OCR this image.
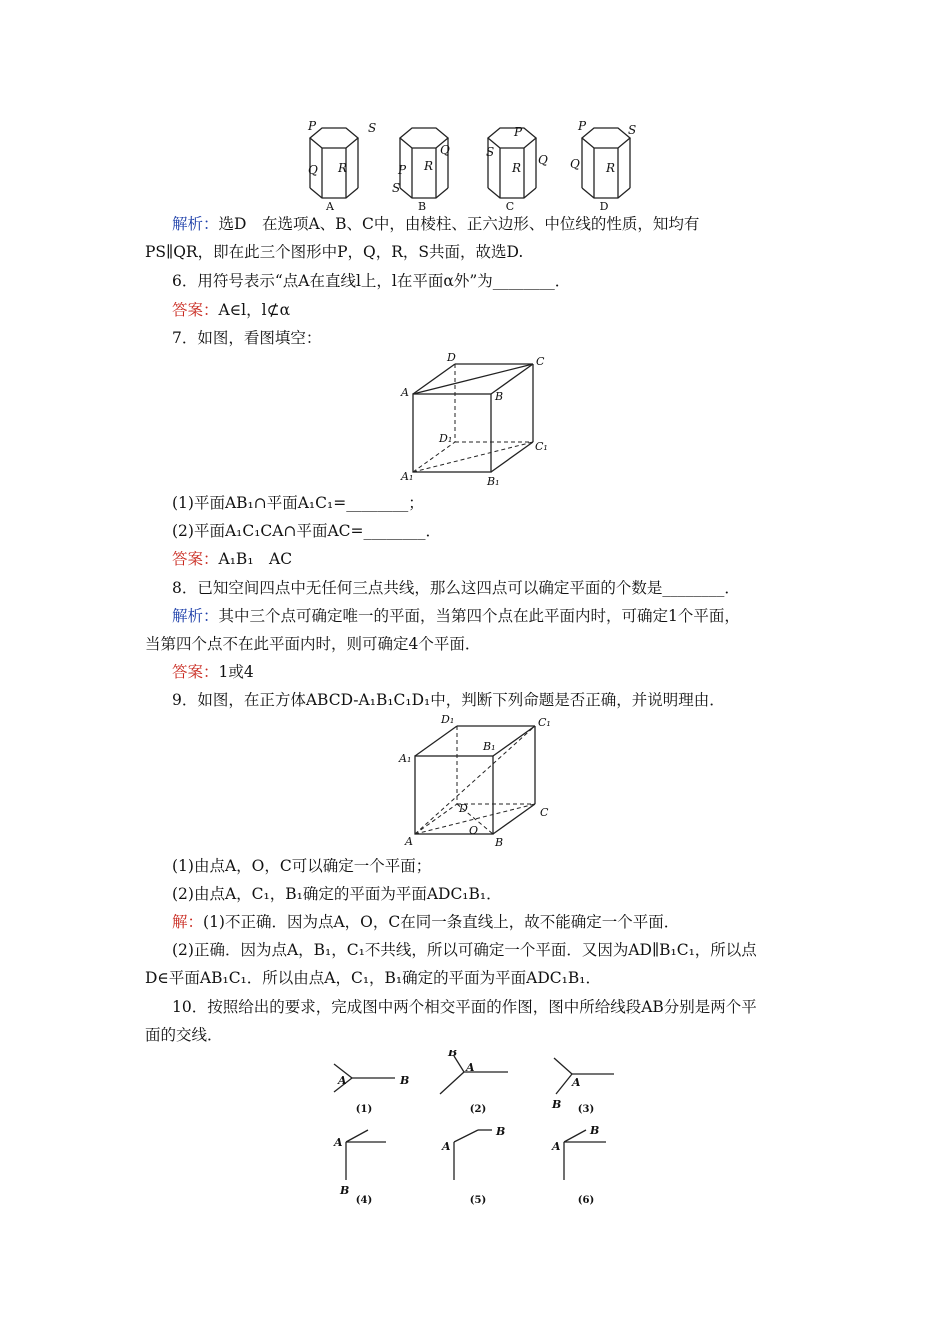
P	S
Q R
Q
R
P
S
P
S
Q
R
P	S
Q R
A	B	C	D
解析：选D　在选项A、B、C中，由棱柱、正六边形、中位线的性质，知均有
PS∥QR，即在此三个图形中P，Q，R，S共面，故选D.
6．用符号表示“点A在直线l上，l在平面α外”为________．
答案：A∈l，l⊄α
7．如图，看图填空：
D	C
A	B
D₁
C₁
A₁	B₁
(1)平面AB₁∩平面A₁C₁=________；
(2)平面A₁C₁CA∩平面AC=________．
答案：A₁B₁　AC
8．已知空间四点中无任何三点共线，那么这四点可以确定平面的个数是________．
解析：其中三个点可确定唯一的平面，当第四个点在此平面内时，可确定1个平面，
当第四个点不在此平面内时，则可确定4个平面．
答案：1或4
9．如图，在正方体ABCD-A₁B₁C₁D₁中，判断下列命题是否正确，并说明理由．
D₁	C₁
A₁
B₁
D	C
A	B
O
(1)由点A，O，C可以确定一个平面；
(2)由点A，C₁，B₁确定的平面为平面ADC₁B₁．
解：(1)不正确．因为点A，O，C在同一条直线上，故不能确定一个平面．
(2)正确．因为点A，B₁，C₁不共线，所以可确定一个平面．又因为AD∥B₁C₁，所以点
D∈平面AB₁C₁．所以由点A，C₁，B₁确定的平面为平面ADC₁B₁．
10．按照给出的要求，完成图中两个相交平面的作图，图中所给线段AB分别是两个平
面的交线．
A	B
B
A
A
B
A
B
A
B
A
B
(1)	(2)	(3)
(4)	(5)	(6)
